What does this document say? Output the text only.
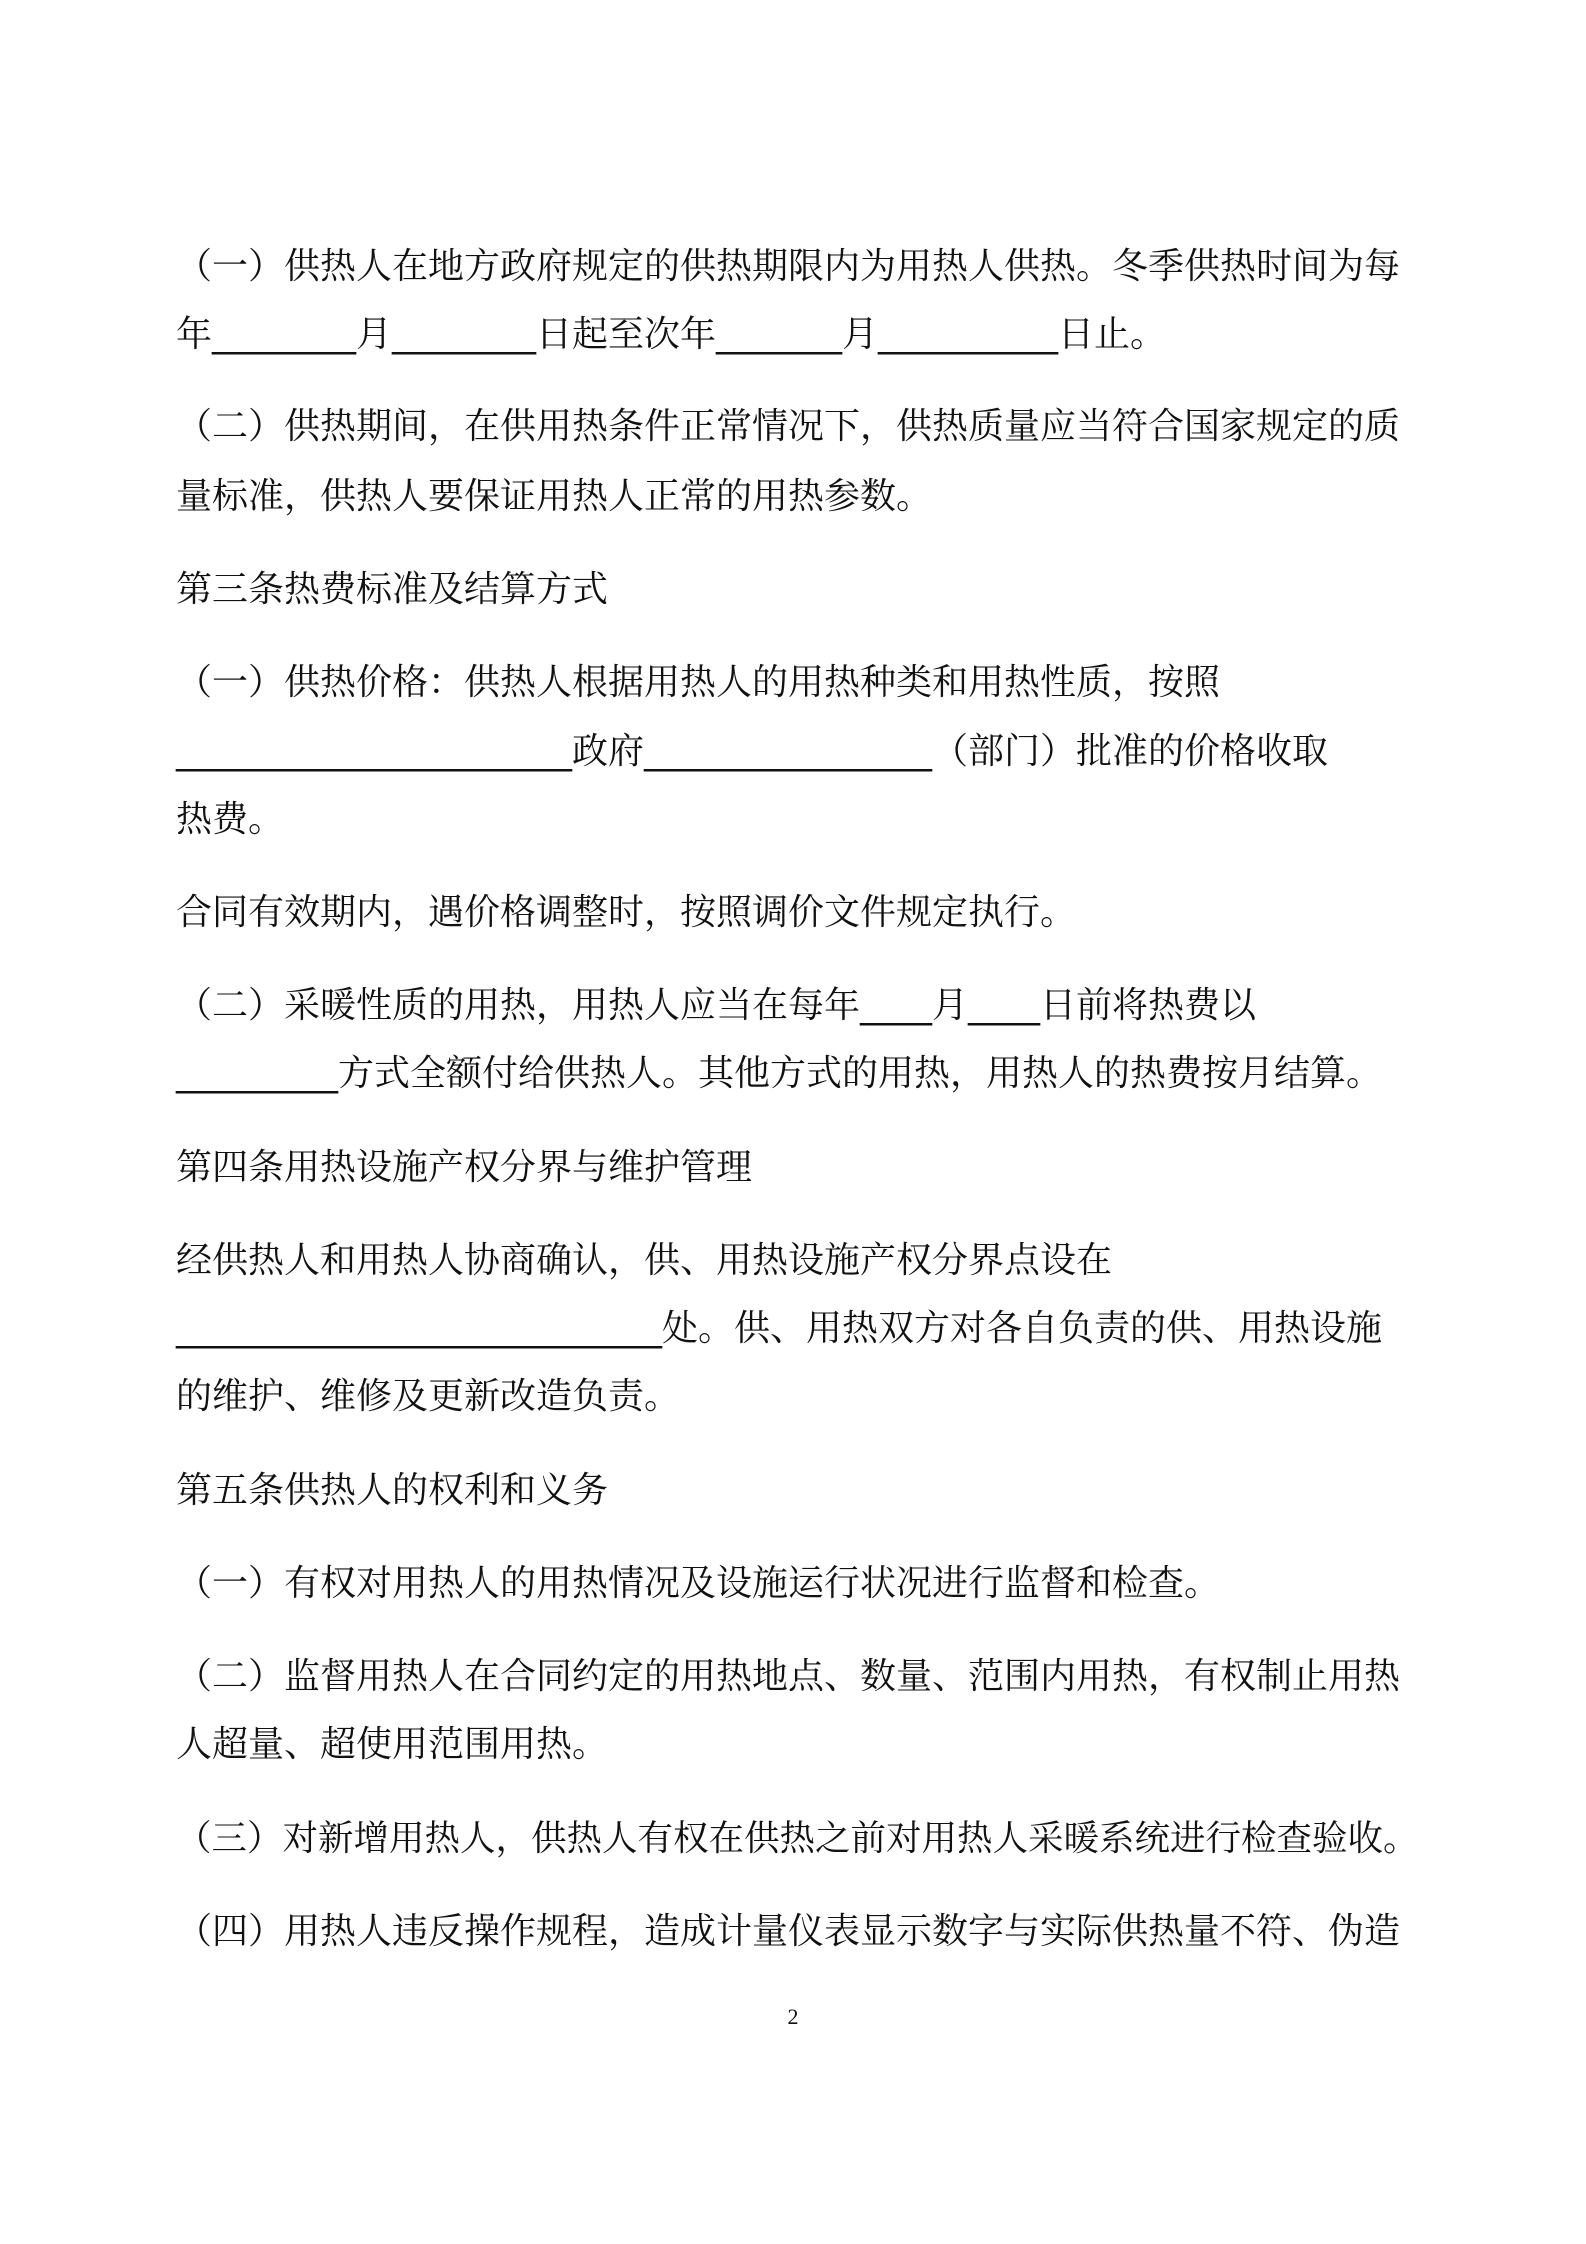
（一）供热人在地方政府规定的供热期限内为用热人供热。冬季供热时间为每
年________月________日起至次年_______月__________日止。
（二）供热期间，在供用热条件正常情况下，供热质量应当符合国家规定的质
量标准，供热人要保证用热人正常的用热参数。
第三条热费标准及结算方式
（一）供热价格：供热人根据用热人的用热种类和用热性质，按照
______________________政府________________（部门）批准的价格收取
热费。
合同有效期内，遇价格调整时，按照调价文件规定执行。
（二）采暖性质的用热，用热人应当在每年____月____日前将热费以
_________方式全额付给供热人。其他方式的用热，用热人的热费按月结算。
第四条用热设施产权分界与维护管理
经供热人和用热人协商确认，供、用热设施产权分界点设在
___________________________处。供、用热双方对各自负责的供、用热设施
的维护、维修及更新改造负责。
第五条供热人的权利和义务
（一）有权对用热人的用热情况及设施运行状况进行监督和检查。
（二）监督用热人在合同约定的用热地点、数量、范围内用热，有权制止用热
人超量、超使用范围用热。
（三）对新增用热人，供热人有权在供热之前对用热人采暖系统进行检查验收。
（四）用热人违反操作规程，造成计量仪表显示数字与实际供热量不符、伪造
2
